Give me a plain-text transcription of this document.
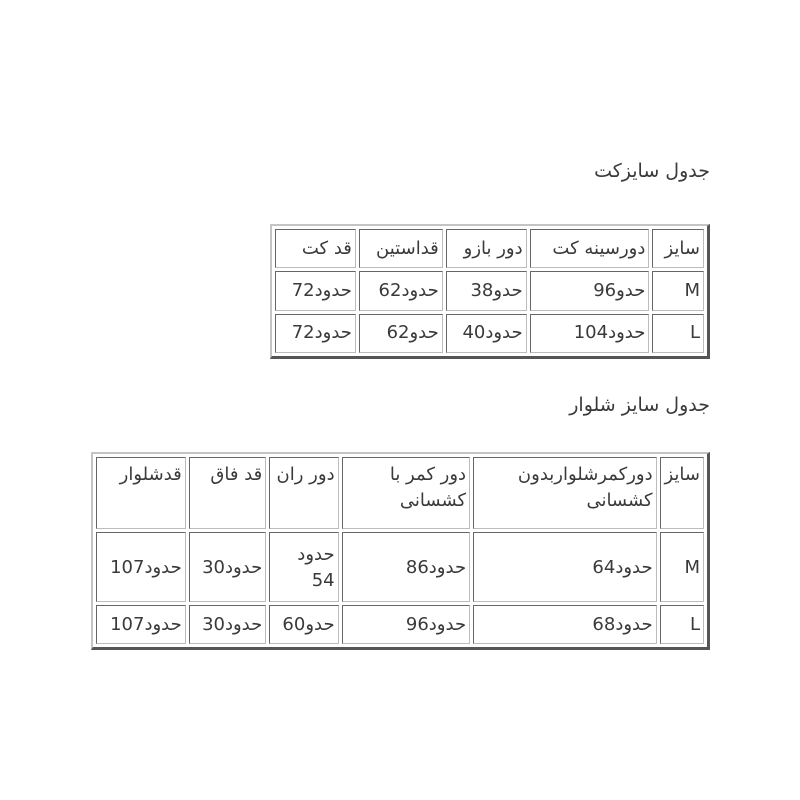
جدول سایزکت
سایز	دورسینه کت	دور بازو	قداستین	قد کت
M	حدو96	حدو38	حدود62	حدود72
L	حدود104	حدود40	حدو62	حدود72
جدول سایز شلوار
سایز	دورکمرشلواربدون کشسانی	دور کمر با کشسانی	دور ران	قد فاق	قدشلوار
M	حدود64	حدود86	حدود 54	حدود30	حدود107
L	حدود68	حدود96	حدو60	حدود30	حدود107
